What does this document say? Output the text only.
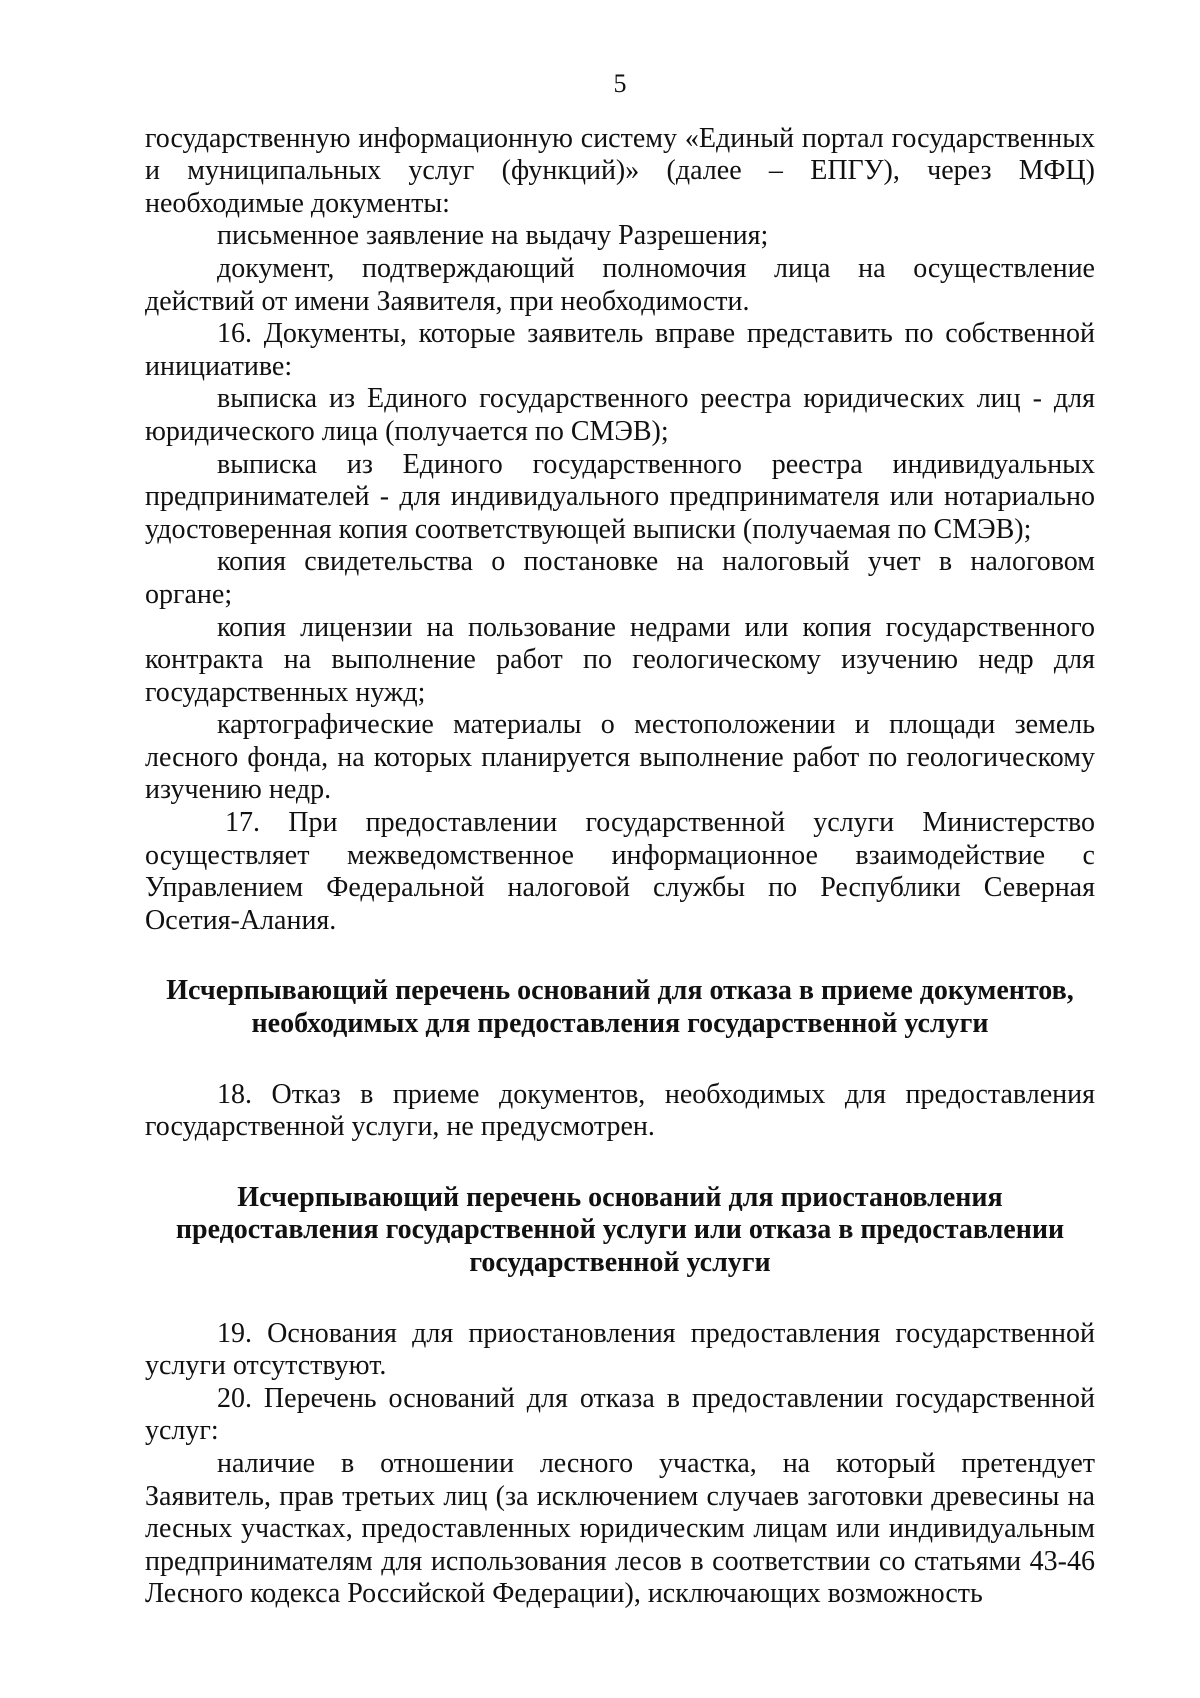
5

государственную информационную систему «Единый портал государственных и муниципальных услуг (функций)» (далее – ЕПГУ), через МФЦ) необходимые документы:

письменное заявление на выдачу Разрешения;

документ, подтверждающий полномочия лица на осуществление действий от имени Заявителя, при необходимости.

16. Документы, которые заявитель вправе представить по собственной инициативе:

выписка из Единого государственного реестра юридических лиц - для юридического лица (получается по СМЭВ);

выписка из Единого государственного реестра индивидуальных предпринимателей - для индивидуального предпринимателя или нотариально удостоверенная копия соответствующей выписки (получаемая по СМЭВ);

копия свидетельства о постановке на налоговый учет в налоговом органе;

копия лицензии на пользование недрами или копия государственного контракта на выполнение работ по геологическому изучению недр для государственных нужд;

картографические материалы о местоположении и площади земель лесного фонда, на которых планируется выполнение работ по геологическому изучению недр.

17. При предоставлении государственной услуги Министерство осуществляет межведомственное информационное взаимодействие с Управлением Федеральной налоговой службы по Республики Северная Осетия-Алания.

Исчерпывающий перечень оснований для отказа в приеме документов,
необходимых для предоставления государственной услуги

18. Отказ в приеме документов, необходимых для предоставления государственной услуги, не предусмотрен.

Исчерпывающий перечень оснований для приостановления
предоставления государственной услуги или отказа в предоставлении
государственной услуги

19. Основания для приостановления предоставления государственной услуги отсутствуют.

20. Перечень оснований для отказа в предоставлении государственной услуг:

наличие в отношении лесного участка, на который претендует Заявитель, прав третьих лиц (за исключением случаев заготовки древесины на лесных участках, предоставленных юридическим лицам или индивидуальным предпринимателям для использования лесов в соответствии со статьями 43-46 Лесного кодекса Российской Федерации), исключающих возможность
